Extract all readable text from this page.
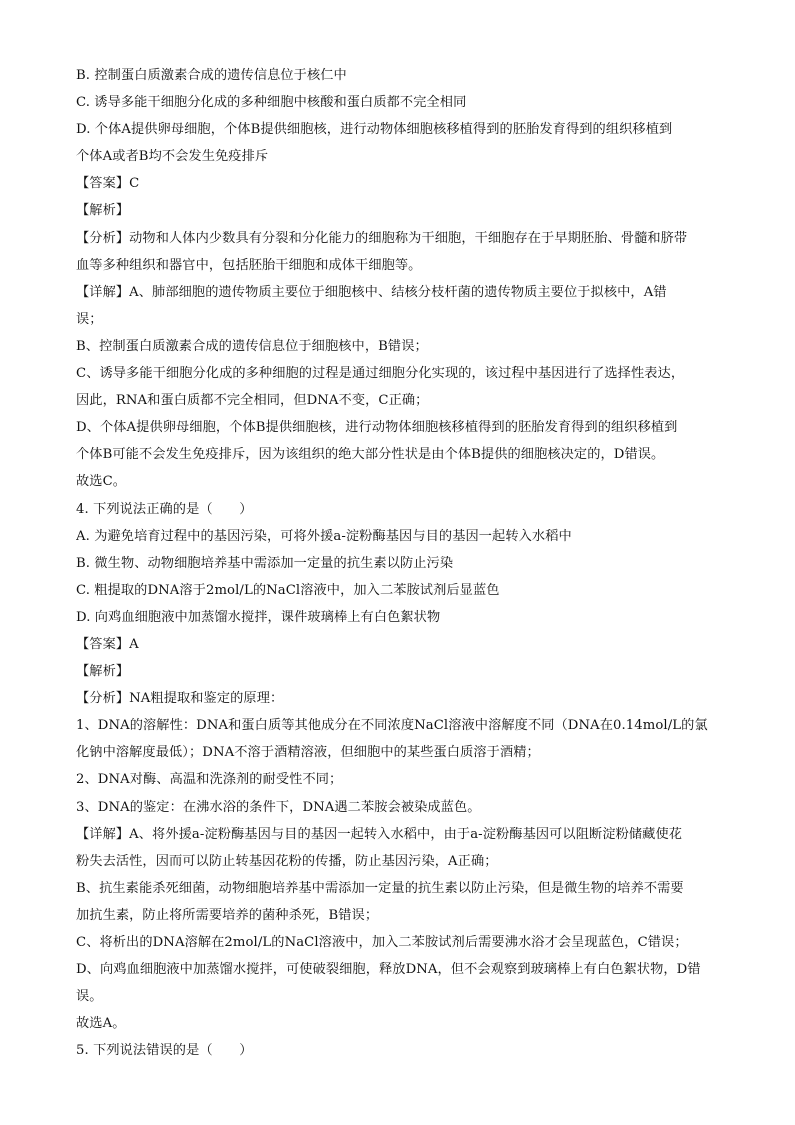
B. 控制蛋白质激素合成的遗传信息位于核仁中
C. 诱导多能干细胞分化成的多种细胞中核酸和蛋白质都不完全相同
D. 个体A提供卵母细胞，个体B提供细胞核，进行动物体细胞核移植得到的胚胎发育得到的组织移植到
个体A或者B均不会发生免疫排斥
【答案】C
【解析】
【分析】动物和人体内少数具有分裂和分化能力的细胞称为干细胞，干细胞存在于早期胚胎、骨髓和脐带
血等多种组织和器官中，包括胚胎干细胞和成体干细胞等。
【详解】A、肺部细胞的遗传物质主要位于细胞核中、结核分枝杆菌的遗传物质主要位于拟核中，A错
误；
B、控制蛋白质激素合成的遗传信息位于细胞核中，B错误；
C、诱导多能干细胞分化成的多种细胞的过程是通过细胞分化实现的，该过程中基因进行了选择性表达，
因此，RNA和蛋白质都不完全相同，但DNA不变，C正确；
D、个体A提供卵母细胞，个体B提供细胞核，进行动物体细胞核移植得到的胚胎发育得到的组织移植到
个体B可能不会发生免疫排斥，因为该组织的绝大部分性状是由个体B提供的细胞核决定的，D错误。
故选C。
4. 下列说法正确的是（　　）
A. 为避免培育过程中的基因污染，可将外援a-淀粉酶基因与目的基因一起转入水稻中
B. 微生物、动物细胞培养基中需添加一定量的抗生素以防止污染
C. 粗提取的DNA溶于2mol/L的NaCl溶液中，加入二苯胺试剂后显蓝色
D. 向鸡血细胞液中加蒸馏水搅拌，课件玻璃棒上有白色絮状物
【答案】A
【解析】
【分析】NA粗提取和鉴定的原理：
1、DNA的溶解性：DNA和蛋白质等其他成分在不同浓度NaCl溶液中溶解度不同（DNA在0.14mol/L的氯
化钠中溶解度最低）；DNA不溶于酒精溶液，但细胞中的某些蛋白质溶于酒精；
2、DNA对酶、高温和洗涤剂的耐受性不同；
3、DNA的鉴定：在沸水浴的条件下，DNA遇二苯胺会被染成蓝色。
【详解】A、将外援a-淀粉酶基因与目的基因一起转入水稻中，由于a-淀粉酶基因可以阻断淀粉储藏使花
粉失去活性，因而可以防止转基因花粉的传播，防止基因污染，A正确；
B、抗生素能杀死细菌，动物细胞培养基中需添加一定量的抗生素以防止污染，但是微生物的培养不需要
加抗生素，防止将所需要培养的菌种杀死，B错误；
C、将析出的DNA溶解在2mol/L的NaCl溶液中，加入二苯胺试剂后需要沸水浴才会呈现蓝色，C错误；
D、向鸡血细胞液中加蒸馏水搅拌，可使破裂细胞，释放DNA，但不会观察到玻璃棒上有白色絮状物，D错
误。
故选A。
5. 下列说法错误的是（　　）
